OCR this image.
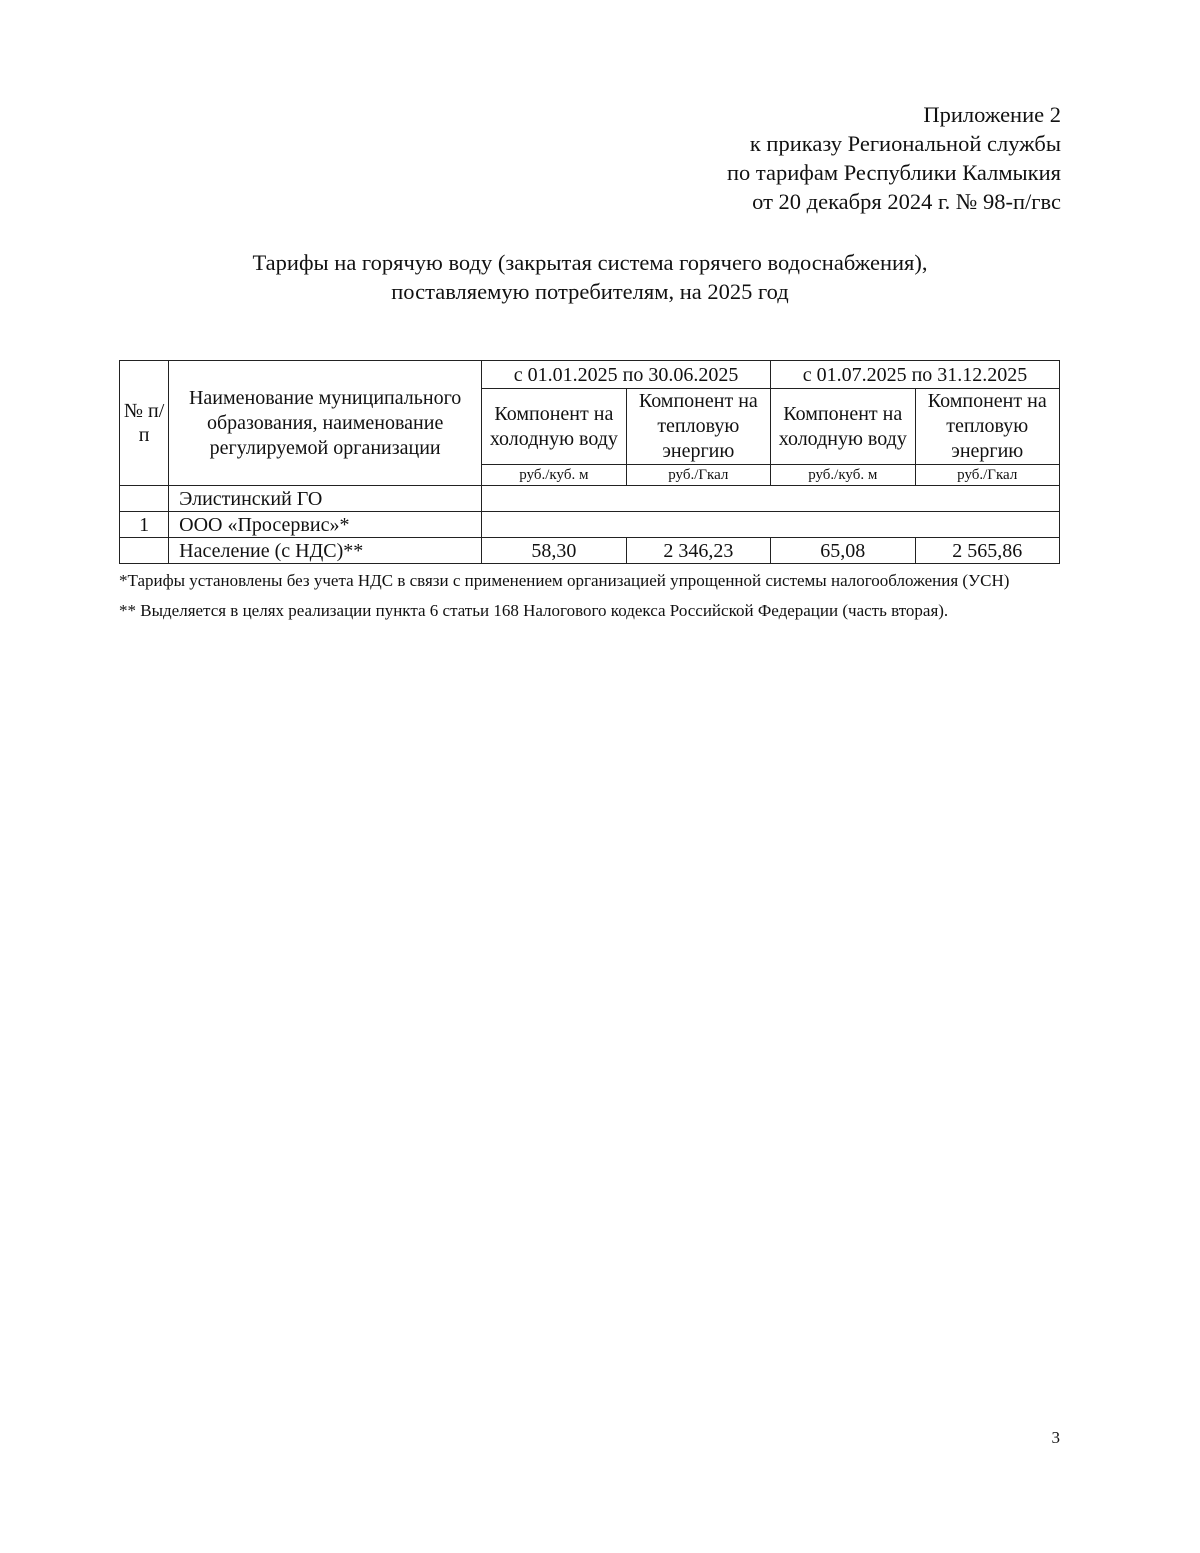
Приложение 2
к приказу Региональной службы
по тарифам Республики Калмыкия
от 20 декабря 2024 г. № 98-п/гвс
Тарифы на горячую воду (закрытая система горячего водоснабжения),
поставляемую потребителям, на 2025 год
№ п/п	Наименование муниципального образования, наименование регулируемой организации	с 01.01.2025 по 30.06.2025		с 01.07.2025 по 31.12.2025	
		Компонент на холодную воду	Компонент на тепловую энергию	Компонент на холодную воду	Компонент на тепловую энергию
		руб./куб. м	руб./Гкал	руб./куб. м	руб./Гкал
	Элистинский ГО				
1	ООО «Просервис»*				
	Население (с НДС)**	58,30	2 346,23	65,08	2 565,86

*Тарифы установлены без учета НДС в связи с применением организацией упрощенной системы налогообложения (УСН)

** Выделяется в целях реализации пункта 6 статьи 168 Налогового кодекса Российской Федерации (часть вторая).

3
